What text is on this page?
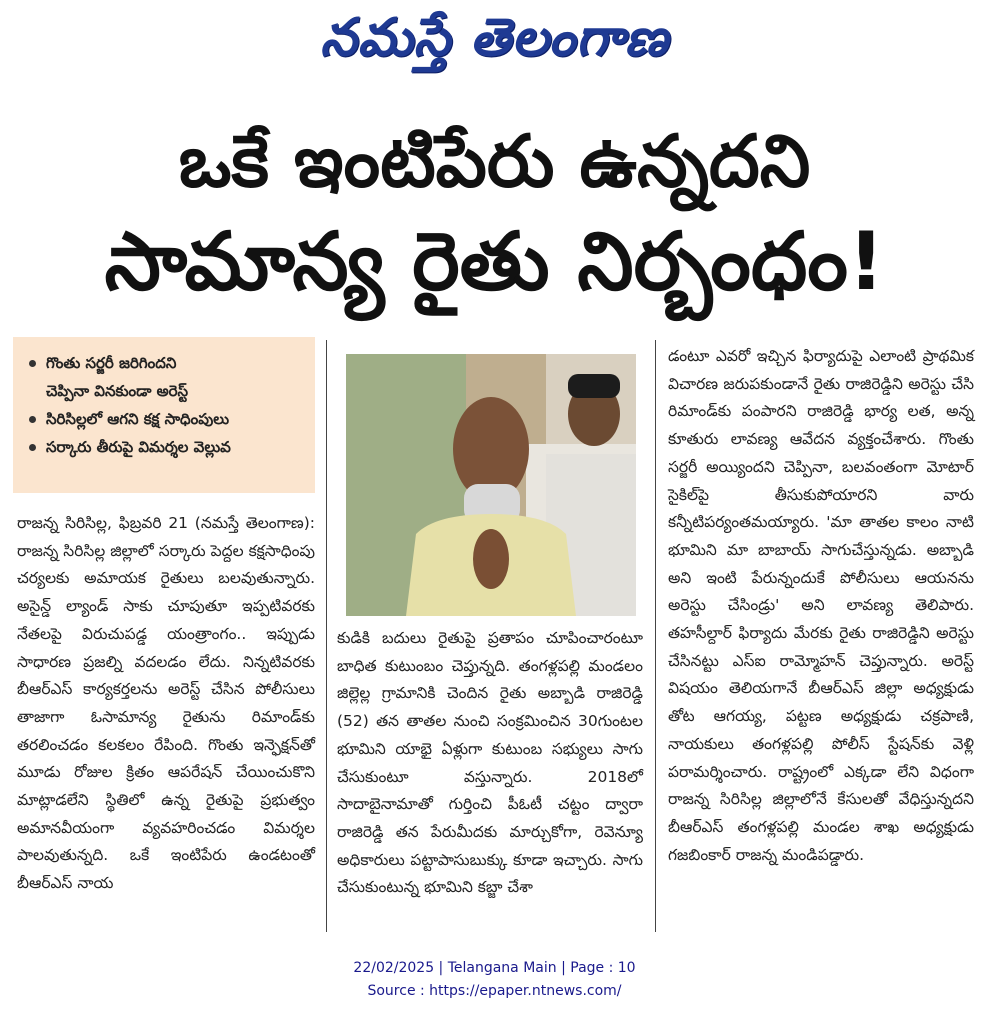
నమస్తే తెలంగాణ
ఒకే ఇంటిపేరు ఉన్నదని
సామాన్య రైతు నిర్బంధం!
గొంతు సర్జరీ జరిగిందని
చెప్పినా వినకుండా అరెస్ట్
సిరిసిల్లలో ఆగని కక్ష సాధింపులు
సర్కారు తీరుపై విమర్శల వెల్లువ

రాజన్న సిరిసిల్ల, ఫిబ్రవరి 21 (నమస్తే తెలంగాణ): రాజన్న సిరిసిల్ల జిల్లాలో సర్కారు పెద్దల కక్షసాధింపు చర్యలకు అమాయక రైతులు బలవుతున్నారు. అసైన్డ్ ల్యాండ్ సాకు చూపుతూ ఇప్పటివరకు నేతలపై విరుచుపడ్డ యంత్రాంగం.. ఇప్పుడు సాధారణ ప్రజల్ని వదలడం లేదు. నిన్నటివరకు బీఆర్ఎస్ కార్యకర్తలను అరెస్ట్ చేసిన పోలీసులు తాజాగా ఓసామాన్య రైతును రిమాండ్‌కు తరలించడం కలకలం రేపింది. గొంతు ఇన్ఫెక్షన్‌తో మూడు రోజుల క్రితం ఆపరేషన్ చేయించుకొని మాట్లాడలేని స్థితిలో ఉన్న రైతుపై ప్రభుత్వం అమానవీయంగా వ్యవహరించడం విమర్శల పాలవుతున్నది. ఒకే ఇంటిపేరు ఉండటంతో బీఆర్ఎస్ నాయ

కుడికి బదులు రైతుపై ప్రతాపం చూపించారంటూ బాధిత కుటుంబం చెప్తున్నది. తంగళ్లపల్లి మండలం జిల్లెల్ల గ్రామానికి చెందిన రైతు అబ్బాడి రాజిరెడ్డి (52) తన తాతల నుంచి సంక్రమించిన 30గుంటల భూమిని యాభై ఏళ్లుగా కుటుంబ సభ్యులు సాగు చేసుకుంటూ వస్తున్నారు. 2018లో సాదాబైనామాతో గుర్తించి పీఓటీ చట్టం ద్వారా రాజిరెడ్డి తన పేరుమీదకు మార్చుకోగా, రెవెన్యూ అధికారులు పట్టాపాసుబుక్కు కూడా ఇచ్చారు. సాగు చేసుకుంటున్న భూమిని కబ్జా చేశా

డంటూ ఎవరో ఇచ్చిన ఫిర్యాదుపై ఎలాంటి ప్రాథమిక విచారణ జరుపకుండానే రైతు రాజిరెడ్డిని అరెస్టు చేసి రిమాండ్‌కు పంపారని రాజిరెడ్డి భార్య లత, అన్న కూతురు లావణ్య ఆవేదన వ్యక్తంచేశారు. గొంతు సర్జరీ అయ్యిందని చెప్పినా, బలవంతంగా మోటార్ సైకిల్‌పై తీసుకుపోయారని వారు కన్నీటిపర్యంతమయ్యారు. 'మా తాతల కాలం నాటి భూమిని మా బాబాయ్ సాగుచేస్తున్నడు. అబ్బాడి అని ఇంటి పేరున్నందుకే పోలీసులు ఆయనను అరెస్టు చేసిండ్రు' అని లావణ్య తెలిపారు. తహసీల్దార్ ఫిర్యాదు మేరకు రైతు రాజిరెడ్డిని అరెస్టు చేసినట్టు ఎస్ఐ రామ్మోహన్ చెప్తున్నారు. అరెస్ట్ విషయం తెలియగానే బీఆర్ఎస్ జిల్లా అధ్యక్షుడు తోట ఆగయ్య, పట్టణ అధ్యక్షుడు చక్రపాణి, నాయకులు తంగళ్లపల్లి పోలీస్ స్టేషన్‌కు వెళ్లి పరామర్శించారు. రాష్ట్రంలో ఎక్కడా లేని విధంగా రాజన్న సిరిసిల్ల జిల్లాలోనే కేసులతో వేధిస్తున్నదని బీఆర్ఎస్ తంగళ్లపల్లి మండల శాఖ అధ్యక్షుడు గజబింకార్ రాజన్న మండిపడ్డారు.

22/02/2025 | Telangana Main | Page : 10
Source : https://epaper.ntnews.com/
